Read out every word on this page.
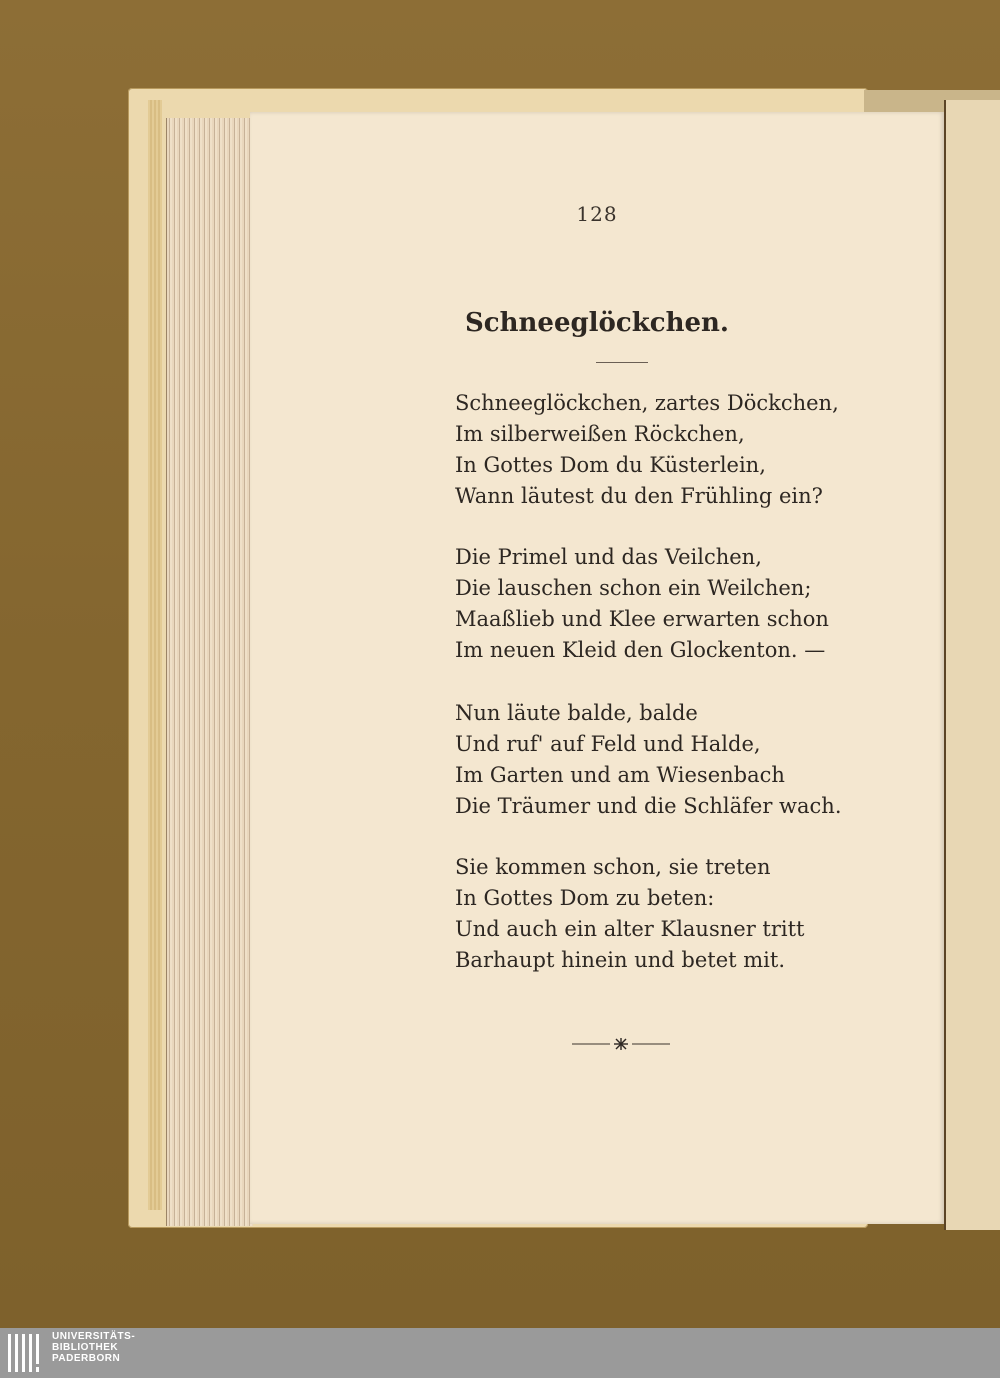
128
Schneeglöckchen.
Schneeglöckchen, zartes Döckchen,
Im silberweißen Röckchen,
In Gottes Dom du Küsterlein,
Wann läutest du den Frühling ein?
Die Primel und das Veilchen,
Die lauschen schon ein Weilchen;
Maaßlieb und Klee erwarten schon
Im neuen Kleid den Glockenton. —
Nun läute balde, balde
Und ruf' auf Feld und Halde,
Im Garten und am Wiesenbach
Die Träumer und die Schläfer wach.
Sie kommen schon, sie treten
In Gottes Dom zu beten:
Und auch ein alter Klausner tritt
Barhaupt hinein und betet mit.
UNIVERSITÄTS-
BIBLIOTHEK
PADERBORN
